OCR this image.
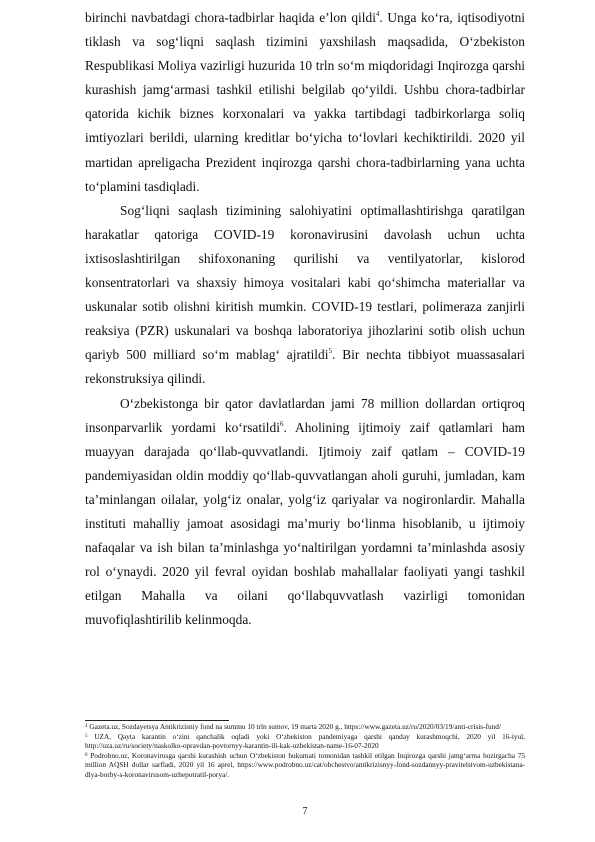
birinchi navbatdagi chora-tadbirlar haqida e’lon qildi$^4$. Unga ko‘ra, iqtisodiyotni tiklash va sog‘liqni saqlash tizimini yaxshilash maqsadida, O‘zbekiston Respublikasi Moliya vazirligi huzurida 10 trln so‘m miqdoridagi Inqirozga qarshi kurashish jamg‘armasi tashkil etilishi belgilab qo‘yildi. Ushbu chora-tadbirlar qatorida kichik biznes korxonalari va yakka tartibdagi tadbirkorlarga soliq imtiyozlari berildi, ularning kreditlar bo‘yicha to‘lovlari kechiktirildi. 2020 yil martidan apreligacha Prezident inqirozga qarshi chora-tadbirlarning yana uchta to‘plamini tasdiqladi.

Sog‘liqni saqlash tizimining salohiyatini optimallashtirishga qaratilgan harakatlar qatoriga COVID-19 koronavirusini davolash uchun uchta ixtisoslashtirilgan shifoxonaning qurilishi va ventilyatorlar, kislorod konsentratorlari va shaxsiy himoya vositalari kabi qo‘shimcha materiallar va uskunalar sotib olishni kiritish mumkin. COVID-19 testlari, polimeraza zanjirli reaksiya (PZR) uskunalari va boshqa laboratoriya jihozlarini sotib olish uchun qariyb 500 milliard so‘m mablag‘ ajratildi$^5$. Bir nechta tibbiyot muassasalari rekonstruksiya qilindi.

O‘zbekistonga bir qator davlatlardan jami 78 million dollardan ortiqroq insonparvarlik yordami ko‘rsatildi$^6$. Aholining ijtimoiy zaif qatlamlari ham muayyan darajada qo‘llab-quvvatlandi. Ijtimoiy zaif qatlam – COVID-19 pandemiyasidan oldin moddiy qo‘llab-quvvatlangan aholi guruhi, jumladan, kam ta’minlangan oilalar, yolg‘iz onalar, yolg‘iz qariyalar va nogironlardir. Mahalla instituti mahalliy jamoat asosidagi ma’muriy bo‘linma hisoblanib, u ijtimoiy nafaqalar va ish bilan ta’minlashga yo‘naltirilgan yordamni ta’minlashda asosiy rol o‘ynaydi. 2020 yil fevral oyidan boshlab mahallalar faoliyati yangi tashkil etilgan Mahalla va oilani qo‘llabquvvatlash vazirligi tomonidan muvofiqlashtirilib kelinmoqda.

$^4$ Gazeta.uz, Sozdayetsya Antikrizisniy fond na summu 10 trln sumov, 19 marta 2020 g., https://www.gazeta.uz/ru/2020/03/19/anti-crisis-fund/

$^5$ UZA, Qayta karantin o‘zini qanchalik oqladi yoki O‘zbekiston pandemiyaga qarshi qanday kurashmoqchi, 2020 yil 16-iyul, http://uza.uz/ru/society/naskolko-opravdan-povtornyy-karantin-ili-kak-uzbekistan-name-16-07-2020

$^6$ Podrobno.uz, Koronavirusga qarshi kurashish uchun O‘zbekiston hukumati tomonidan tashkil etilgan Inqirozga qarshi jamg‘arma hozirgacha 75 million AQSH dollar sarfladi, 2020 yil 16 aprel, https://www.podrobno.uz/cat/obchestvo/antikrizisnyy-fond-sozdannyy-pravitelstvom-uzbekistana-dlya-borby-s-koronavirusom-uzhepotratil-porya/.

7
